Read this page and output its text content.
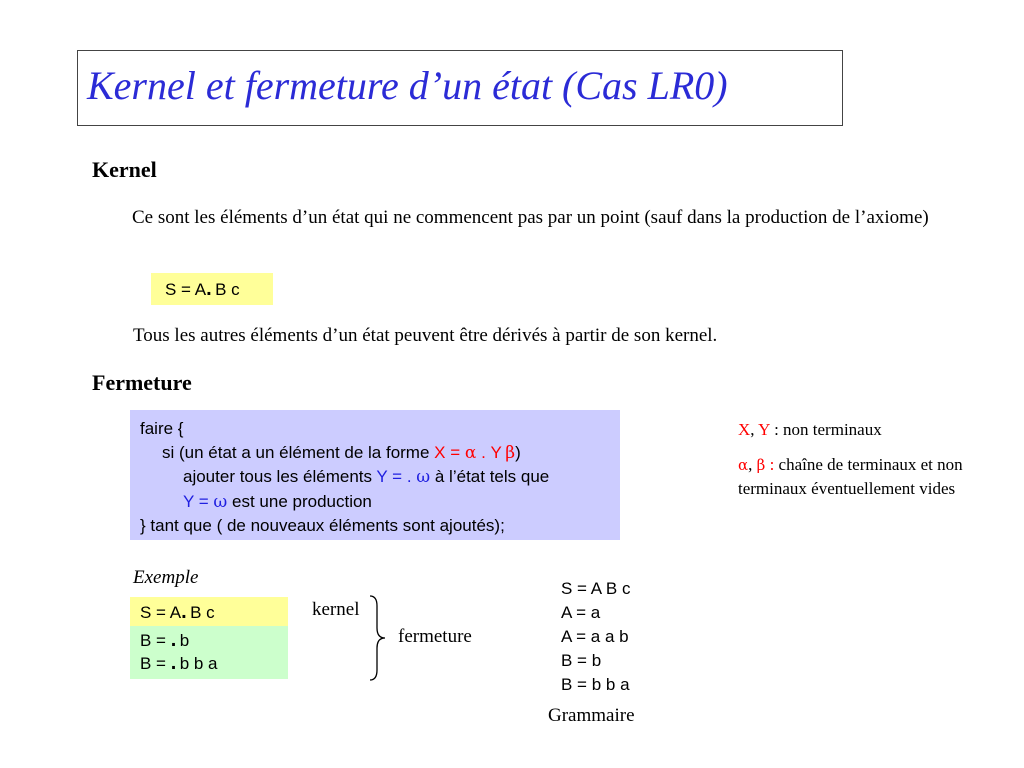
Kernel et fermeture d’un état (Cas LR0)
Kernel
Ce sont les éléments d’un état qui ne commencent pas par un point (sauf dans la production de l’axiome)
S = A.  B c
Tous les autres éléments d’un état peuvent être dérivés à partir de son kernel.
Fermeture
faire {
si (un état a un élément de la forme X = α . Y  β)
ajouter tous les éléments Y = . ω à l’état tels que
Y = ω est une production
} tant que ( de nouveaux éléments sont ajoutés);
X, Y : non terminaux
α, β : chaîne de terminaux et non terminaux éventuellement vides
Exemple
S = A.  B c
B = .  b
B = .  b b a
kernel
fermeture
S = A B c
A = a
A = a a b
B = b
B = b b a
Grammaire
